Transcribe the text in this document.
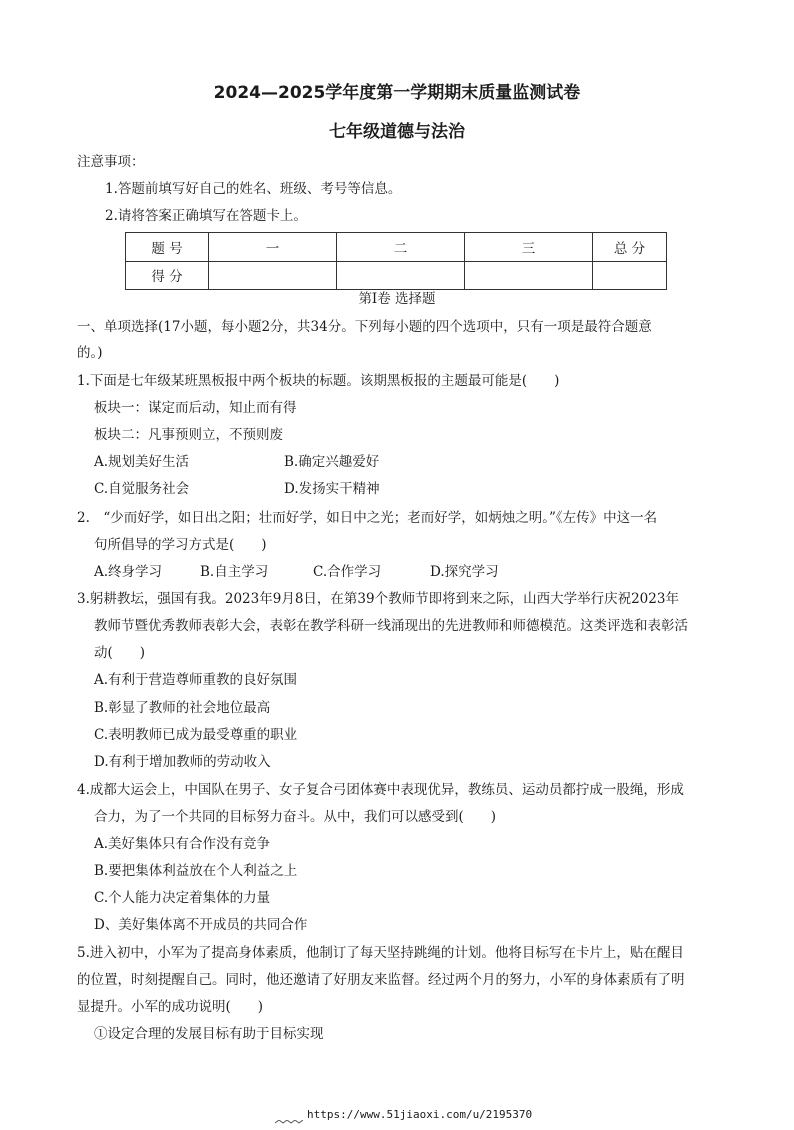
2024—2025学年度第一学期期末质量监测试卷
七年级道德与法治
注意事项：
1.答题前填写好自己的姓名、班级、考号等信息。
2.请将答案正确填写在答题卡上。
题 号	一	二	三	总 分
得 分				
第Ⅰ卷 选择题
一、单项选择(17小题，每小题2分，共34分。下列每小题的四个选项中，只有一项是最符合题意
的。)
1.下面是七年级某班黑板报中两个板块的标题。该期黑板报的主题最可能是(　　)
板块一：谋定而后动，知止而有得
板块二：凡事预则立，不预则废
A.规划美好生活	B.确定兴趣爱好
C.自觉服务社会	D.发扬实干精神
2.　“少而好学，如日出之阳；壮而好学，如日中之光；老而好学，如炳烛之明。”《左传》中这一名
句所倡导的学习方式是(　　)
A.终身学习	B.自主学习	C.合作学习	D.探究学习
3.躬耕教坛，强国有我。2023年9月8日，在第39个教师节即将到来之际，山西大学举行庆祝2023年
教师节暨优秀教师表彰大会，表彰在教学科研一线涌现出的先进教师和师德模范。这类评选和表彰活
动(　　)
A.有利于营造尊师重教的良好氛围
B.彰显了教师的社会地位最高
C.表明教师已成为最受尊重的职业
D.有利于增加教师的劳动收入
4.成都大运会上，中国队在男子、女子复合弓团体赛中表现优异，教练员、运动员都拧成一股绳，形成
合力，为了一个共同的目标努力奋斗。从中，我们可以感受到(　　)
A.美好集体只有合作没有竞争
B.要把集体利益放在个人利益之上
C.个人能力决定着集体的力量
D、美好集体离不开成员的共同合作
5.进入初中，小军为了提高身体素质，他制订了每天坚持跳绳的计划。他将目标写在卡片上，贴在醒目
的位置，时刻提醒自己。同时，他还邀请了好朋友来监督。经过两个月的努力，小军的身体素质有了明
显提升。小军的成功说明(　　)
①设定合理的发展目标有助于目标实现
https://www.51jiaoxi.com/u/2195370
